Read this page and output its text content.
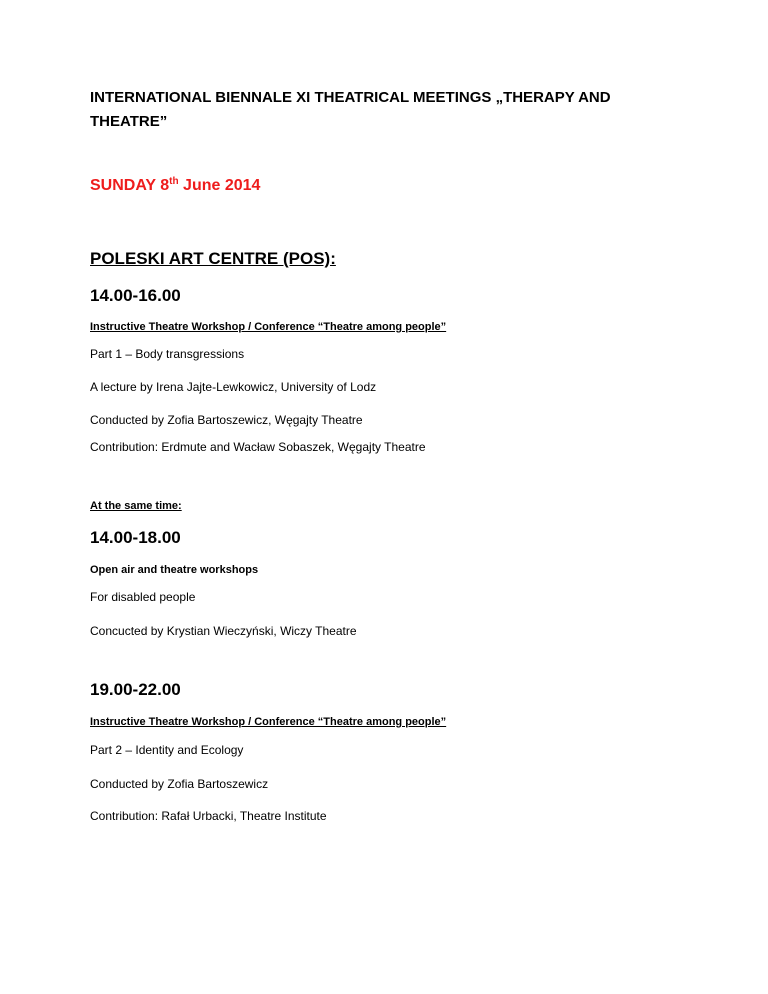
INTERNATIONAL BIENNALE XI THEATRICAL MEETINGS „THERAPY AND THEATRE”

SUNDAY 8th June 2014

POLESKI ART CENTRE (POS):

14.00-16.00

Instructive Theatre Workshop / Conference “Theatre among people”

Part 1 – Body transgressions

A lecture by Irena Jajte-Lewkowicz, University of Lodz

Conducted by Zofia Bartoszewicz, Węgajty Theatre

Contribution: Erdmute and Wacław Sobaszek, Węgajty Theatre

At the same time:

14.00-18.00

Open air and theatre workshops

For disabled people

Concucted by Krystian Wieczyński, Wiczy Theatre

19.00-22.00

Instructive Theatre Workshop / Conference “Theatre among people”

Part 2 – Identity and Ecology

Conducted by Zofia Bartoszewicz

Contribution: Rafał Urbacki, Theatre Institute
